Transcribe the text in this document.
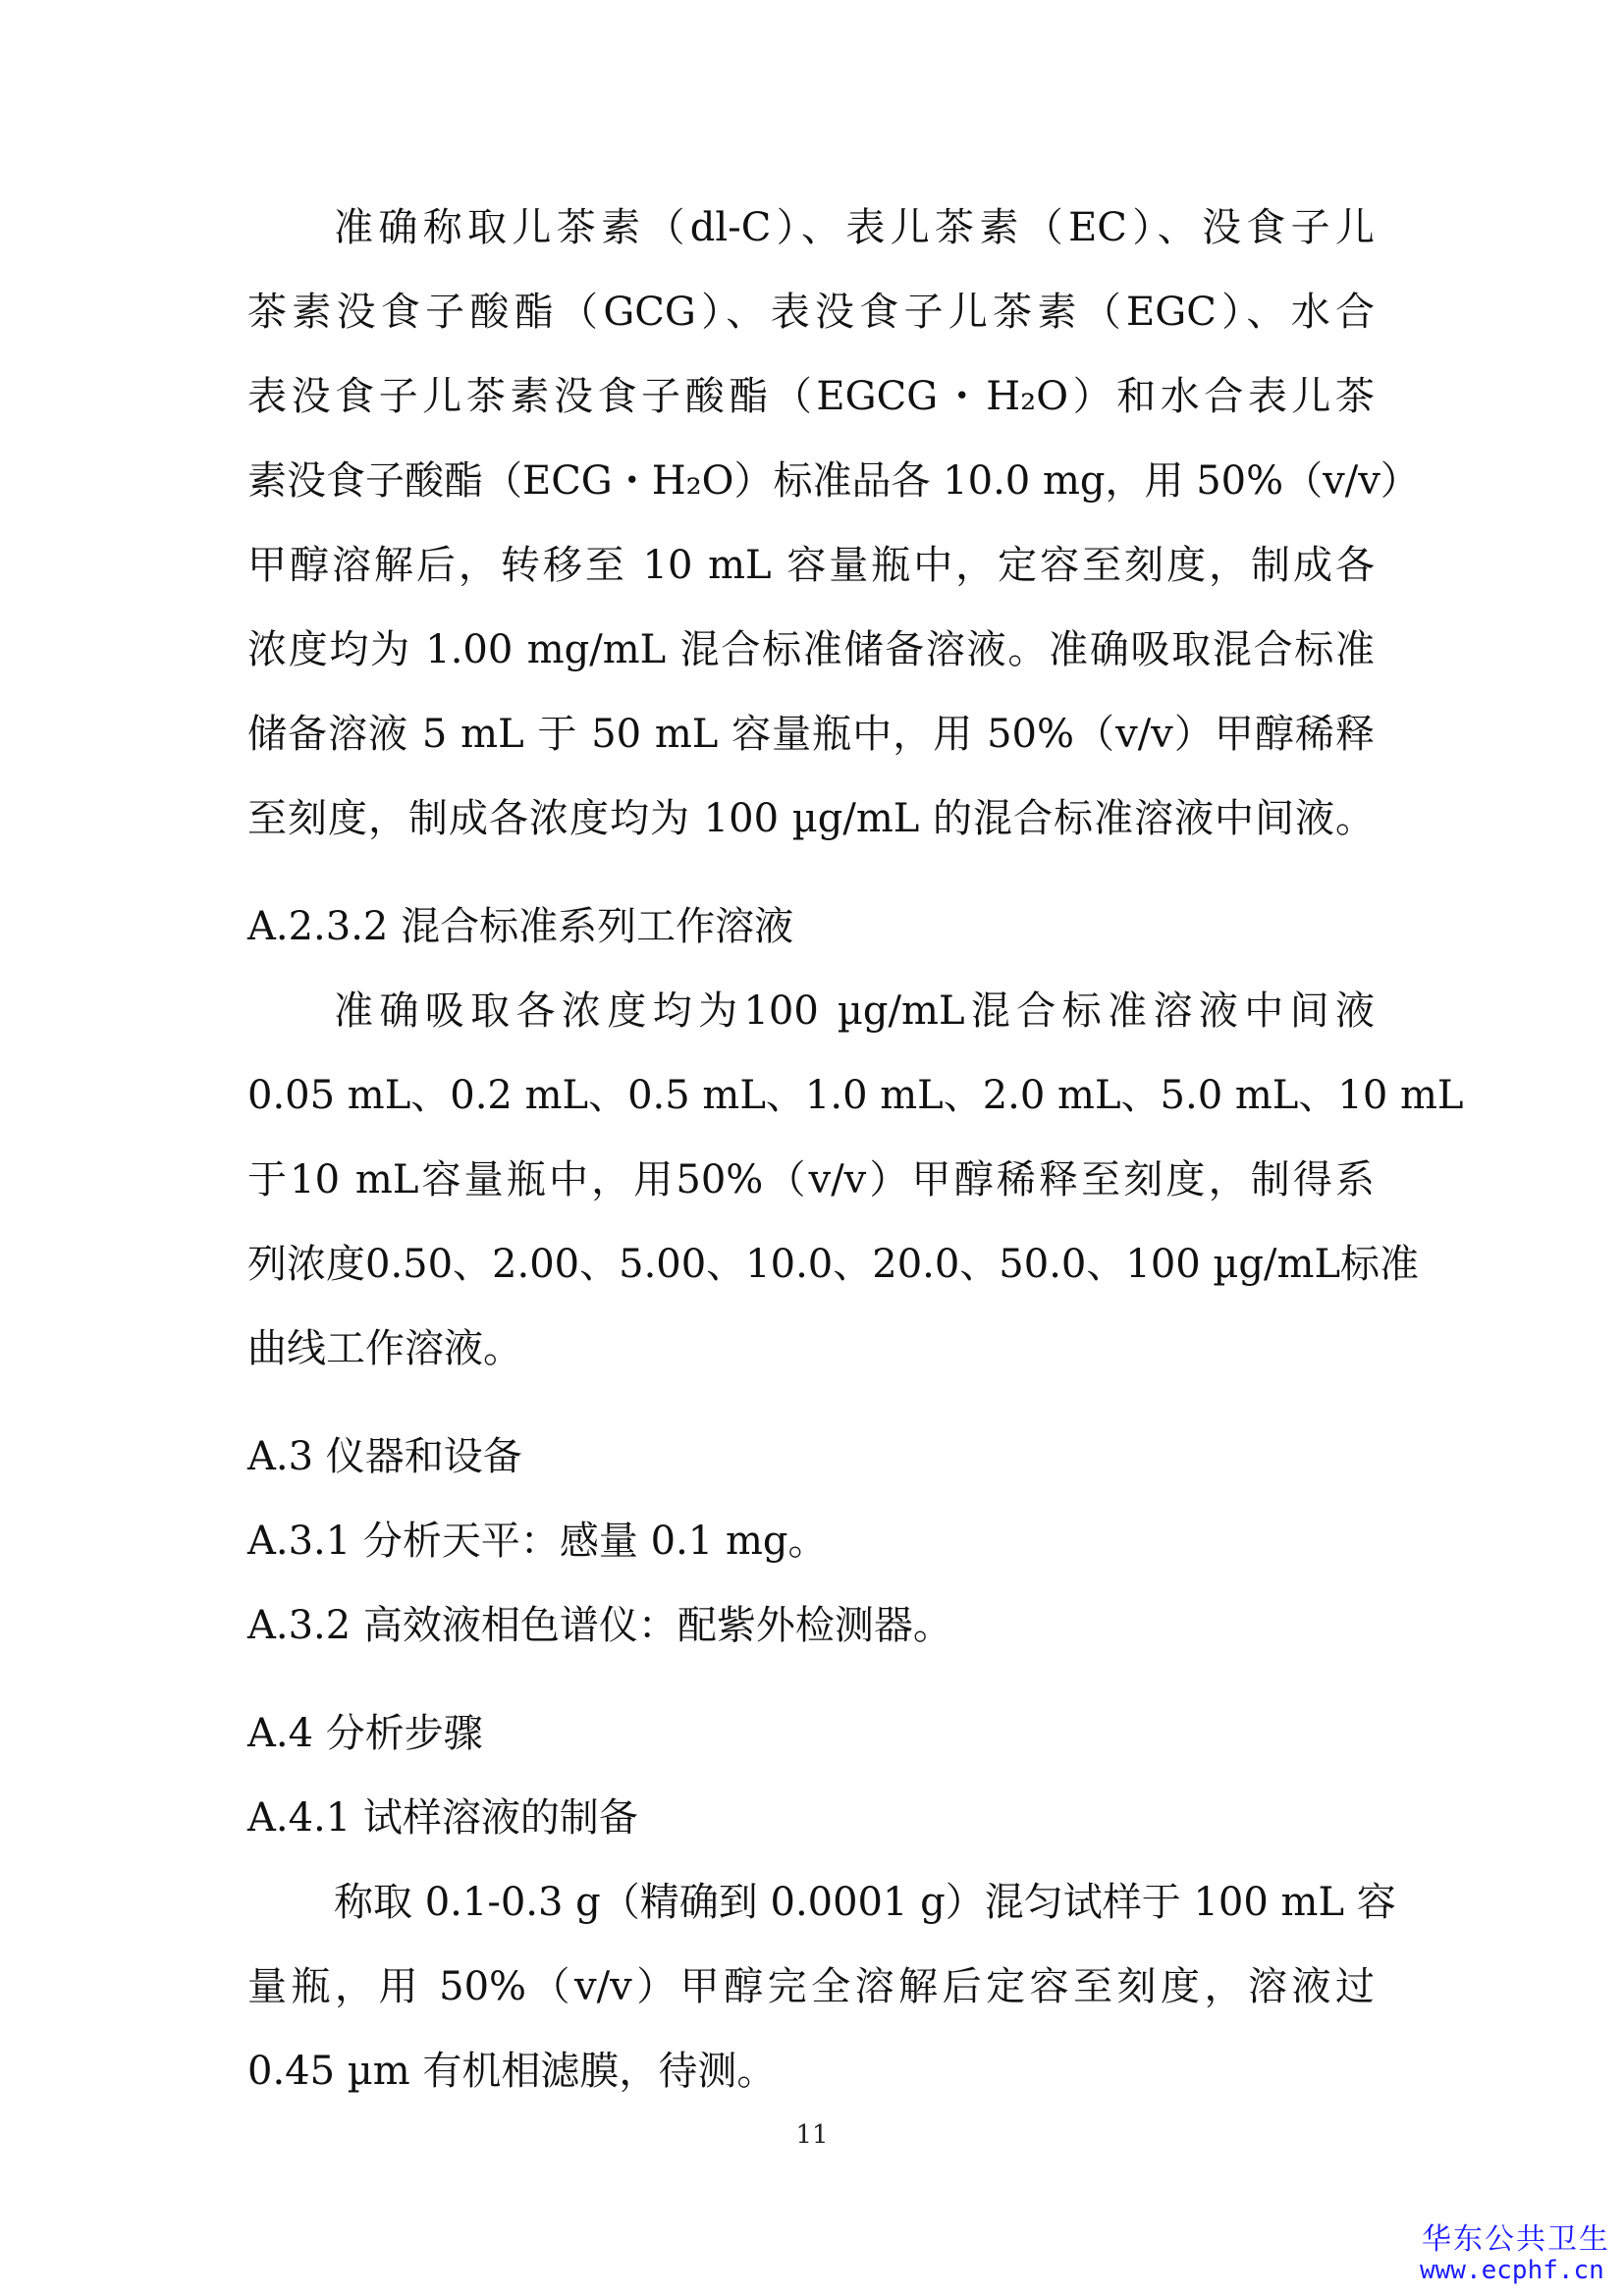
准确称取儿茶素（dl-C）、表儿茶素（EC）、没食子儿
茶素没食子酸酯（GCG）、表没食子儿茶素（EGC）、水合
表没食子儿茶素没食子酸酯（EGCG・H₂O）和水合表儿茶
素没食子酸酯（ECG・H₂O）标准品各 10.0 mg，用 50%（v/v）
甲醇溶解后，转移至 10 mL 容量瓶中，定容至刻度，制成各
浓度均为 1.00 mg/mL 混合标准储备溶液。准确吸取混合标准
储备溶液 5 mL 于 50 mL 容量瓶中，用 50%（v/v）甲醇稀释
至刻度，制成各浓度均为 100 µg/mL 的混合标准溶液中间液。
A.2.3.2 混合标准系列工作溶液
准确吸取各浓度均为100 µg/mL混合标准溶液中间液
0.05 mL、0.2 mL、0.5 mL、1.0 mL、2.0 mL、5.0 mL、10 mL
于10 mL容量瓶中，用50%（v/v）甲醇稀释至刻度，制得系
列浓度0.50、2.00、5.00、10.0、20.0、50.0、100 µg/mL标准
曲线工作溶液。
A.3 仪器和设备
A.3.1 分析天平：感量 0.1 mg。
A.3.2 高效液相色谱仪：配紫外检测器。
A.4 分析步骤
A.4.1 试样溶液的制备
称取 0.1-0.3 g（精确到 0.0001 g）混匀试样于 100 mL 容
量瓶，用 50%（v/v）甲醇完全溶解后定容至刻度，溶液过
0.45 µm 有机相滤膜，待测。
11
华东公共卫生
www.ecphf.cn
